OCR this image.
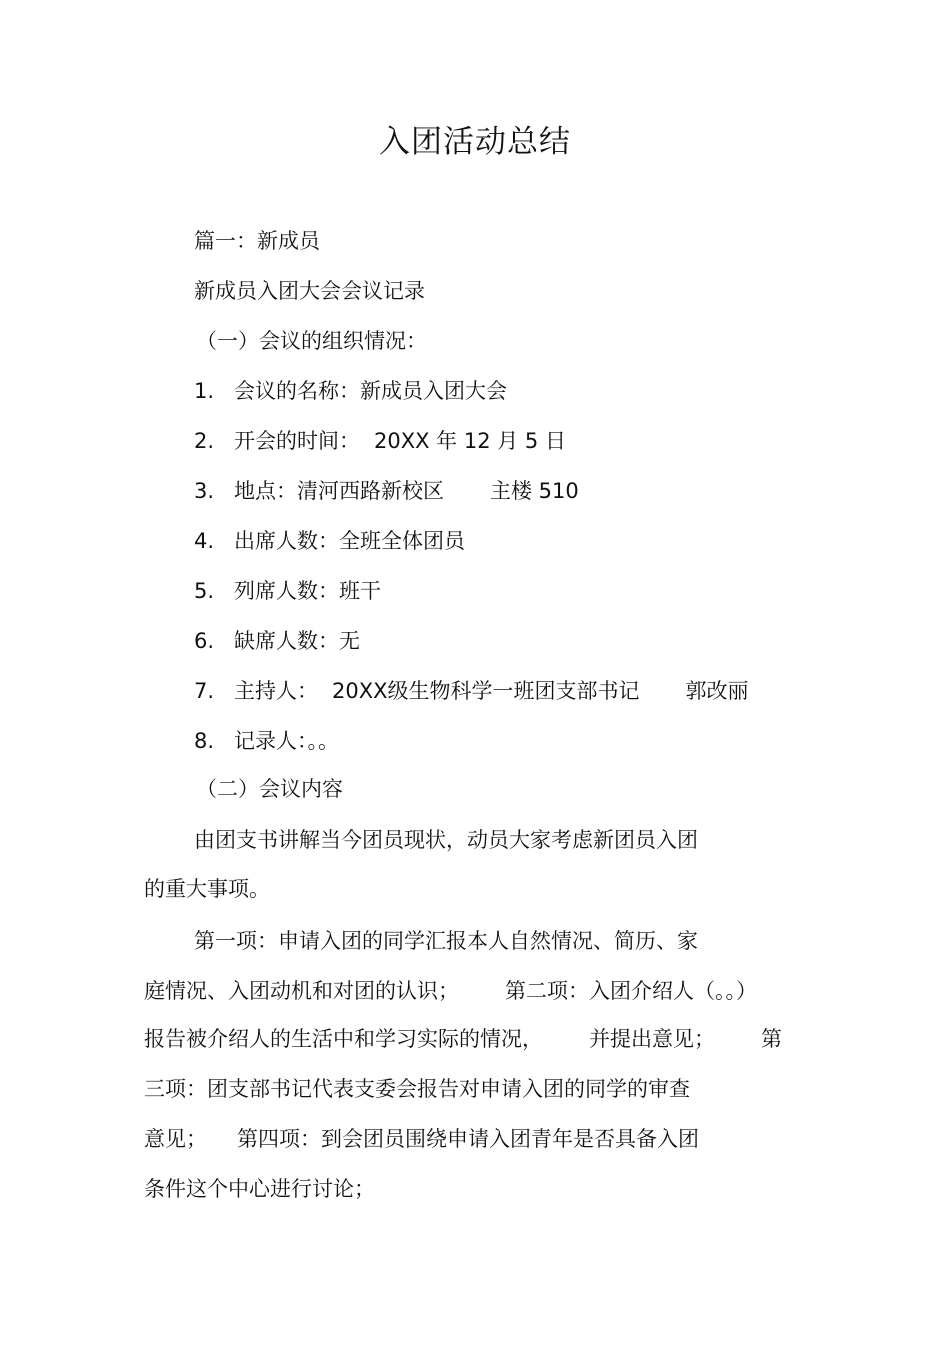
入团活动总结
篇一：新成员
新成员入团大会会议记录
（一）会议的组织情况：
1. 会议的名称：新成员入团大会
2. 开会的时间： 20XX 年 12 月 5 日
3. 地点：清河西路新校区 主楼 510
4. 出席人数：全班全体团员
5. 列席人数：班干
6. 缺席人数：无
7. 主持人： 20XX级生物科学一班团支部书记 郭改丽
8. 记录人：。。
（二）会议内容
由团支书讲解当今团员现状，动员大家考虑新团员入团
的重大事项。
第一项：申请入团的同学汇报本人自然情况、简历、家
庭情况、入团动机和对团的认识； 第二项：入团介绍人（。。）
报告被介绍人的生活中和学习实际的情况， 并提出意见； 第
三项：团支部书记代表支委会报告对申请入团的同学的审查
意见； 第四项：到会团员围绕申请入团青年是否具备入团
条件这个中心进行讨论；
